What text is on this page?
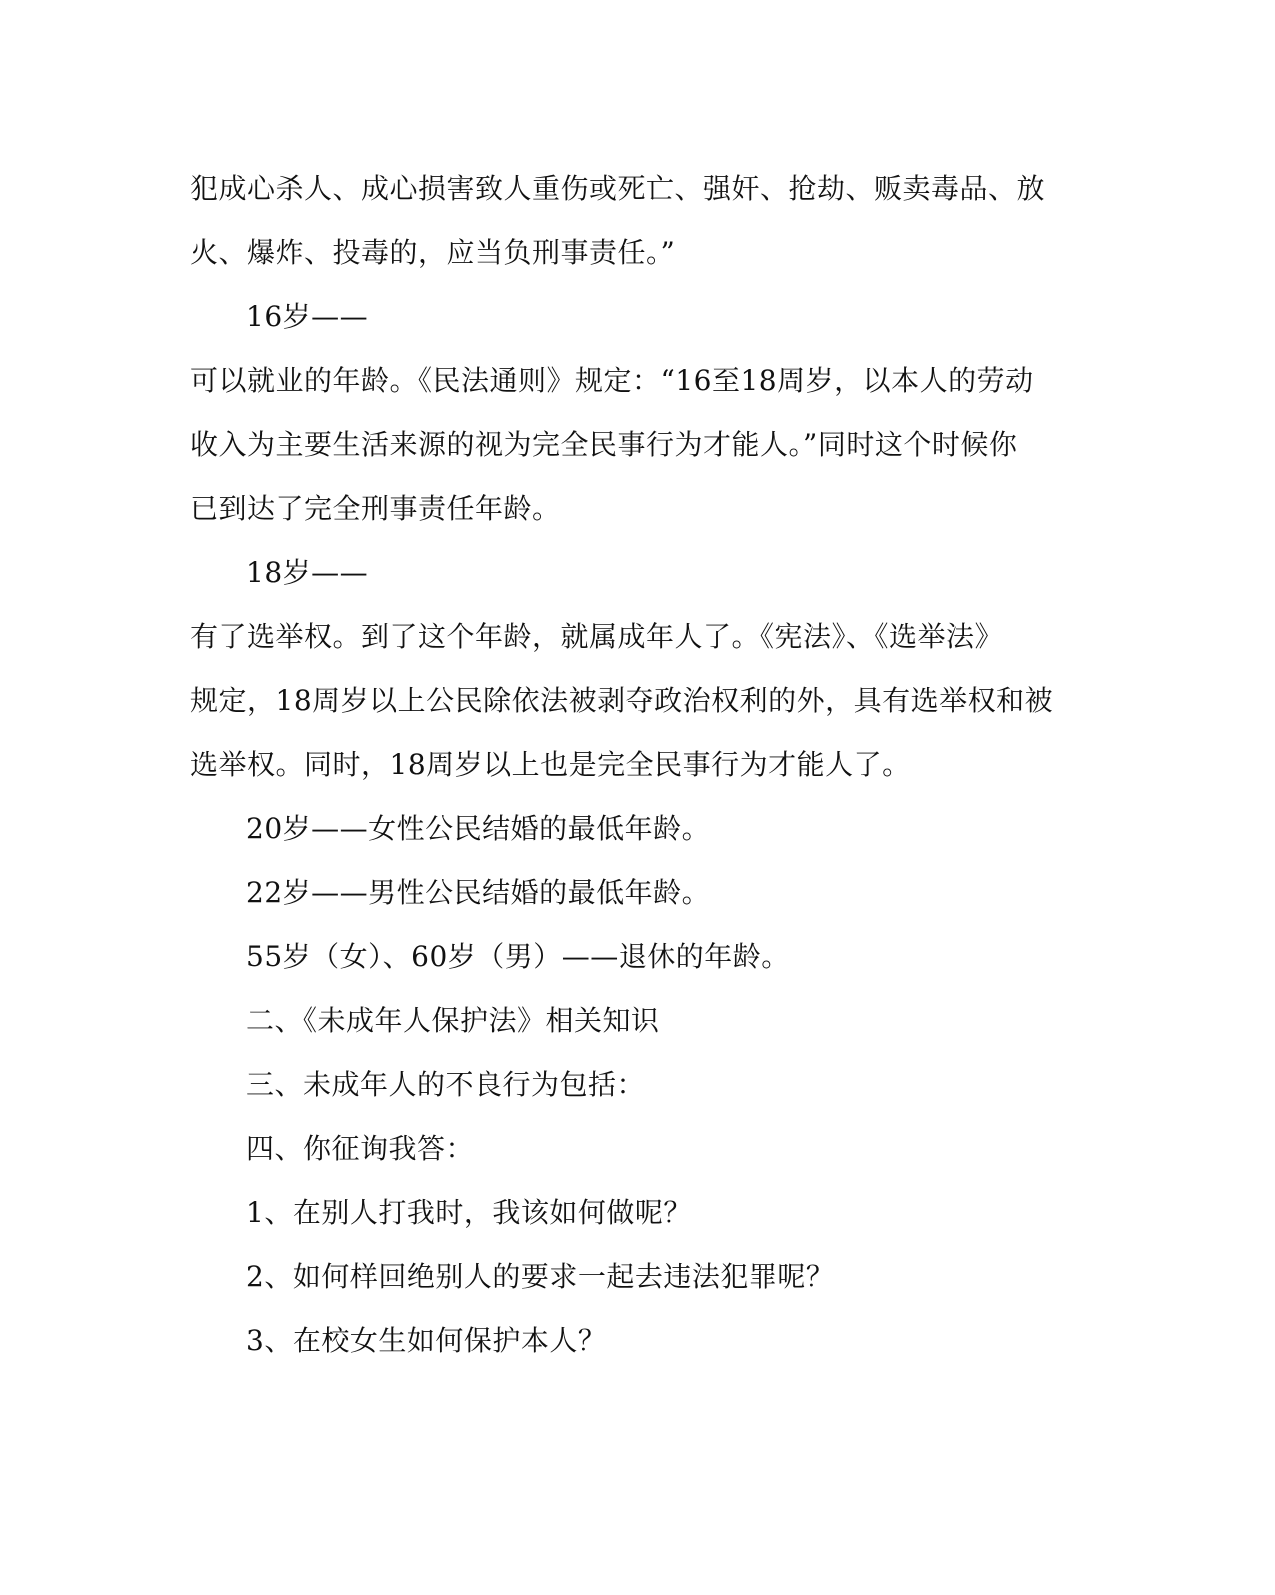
犯成心杀人、成心损害致人重伤或死亡、强奸、抢劫、贩卖毒品、放
火、爆炸、投毒的，应当负刑事责任。”
16岁——
可以就业的年龄。《民法通则》规定：“16至18周岁，以本人的劳动
收入为主要生活来源的视为完全民事行为才能人。”同时这个时候你
已到达了完全刑事责任年龄。
18岁——
有了选举权。到了这个年龄，就属成年人了。《宪法》、《选举法》
规定，18周岁以上公民除依法被剥夺政治权利的外，具有选举权和被
选举权。同时，18周岁以上也是完全民事行为才能人了。
20岁——女性公民结婚的最低年龄。
22岁——男性公民结婚的最低年龄。
55岁（女）、60岁（男）——退休的年龄。
二、《未成年人保护法》相关知识
三、未成年人的不良行为包括：
四、你征询我答：
1、在别人打我时，我该如何做呢？
2、如何样回绝别人的要求一起去违法犯罪呢？
3、在校女生如何保护本人？
